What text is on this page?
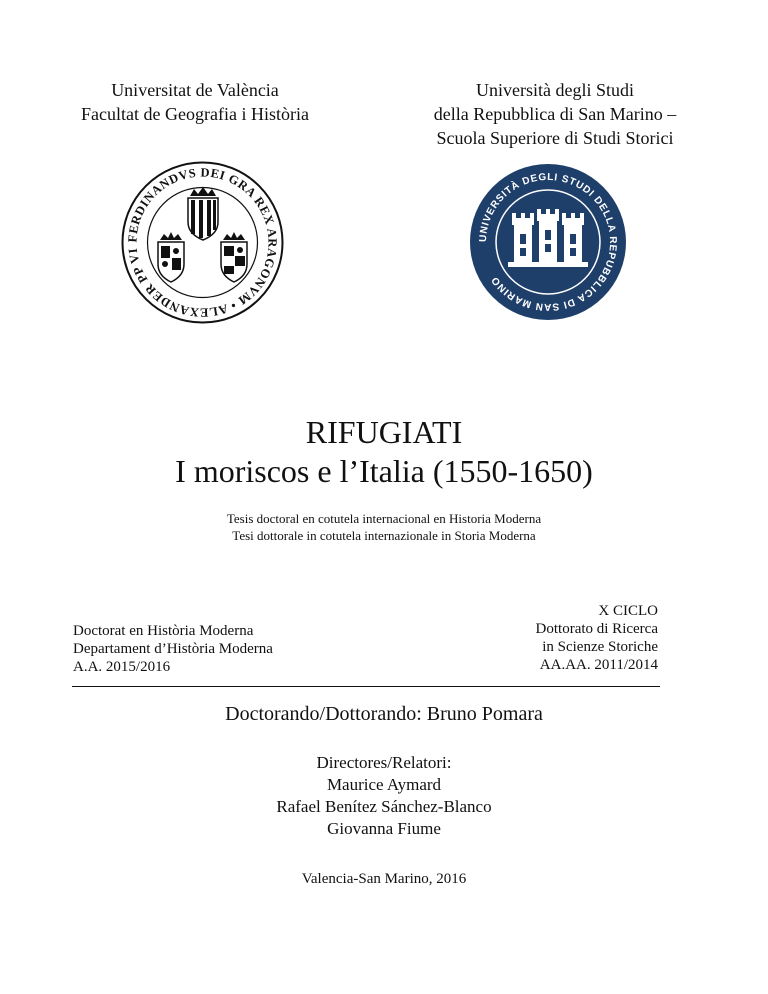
Universitat de València
Facultat de Geografia i Història
Università degli Studi
della Repubblica di San Marino –
Scuola Superiore di Studi Storici
FERDINANDVS DEI GRA REX ARAGONVM • ALEXANDER PP VI
UNIVERSITÀ DEGLI STUDI DELLA REPUBBLICA DI SAN MARINO
RIFUGIATI
I moriscos e l’Italia (1550-1650)
Tesis doctoral en cotutela internacional en Historia Moderna
Tesi dottorale in cotutela internazionale in Storia Moderna
Doctorat en Història Moderna
Departament d’Història Moderna
A.A. 2015/2016
X CICLO
Dottorato di Ricerca
in Scienze Storiche
AA.AA. 2011/2014
Doctorando/Dottorando: Bruno Pomara
Directores/Relatori:
Maurice Aymard
Rafael Benítez Sánchez-Blanco
Giovanna Fiume
Valencia-San Marino, 2016
